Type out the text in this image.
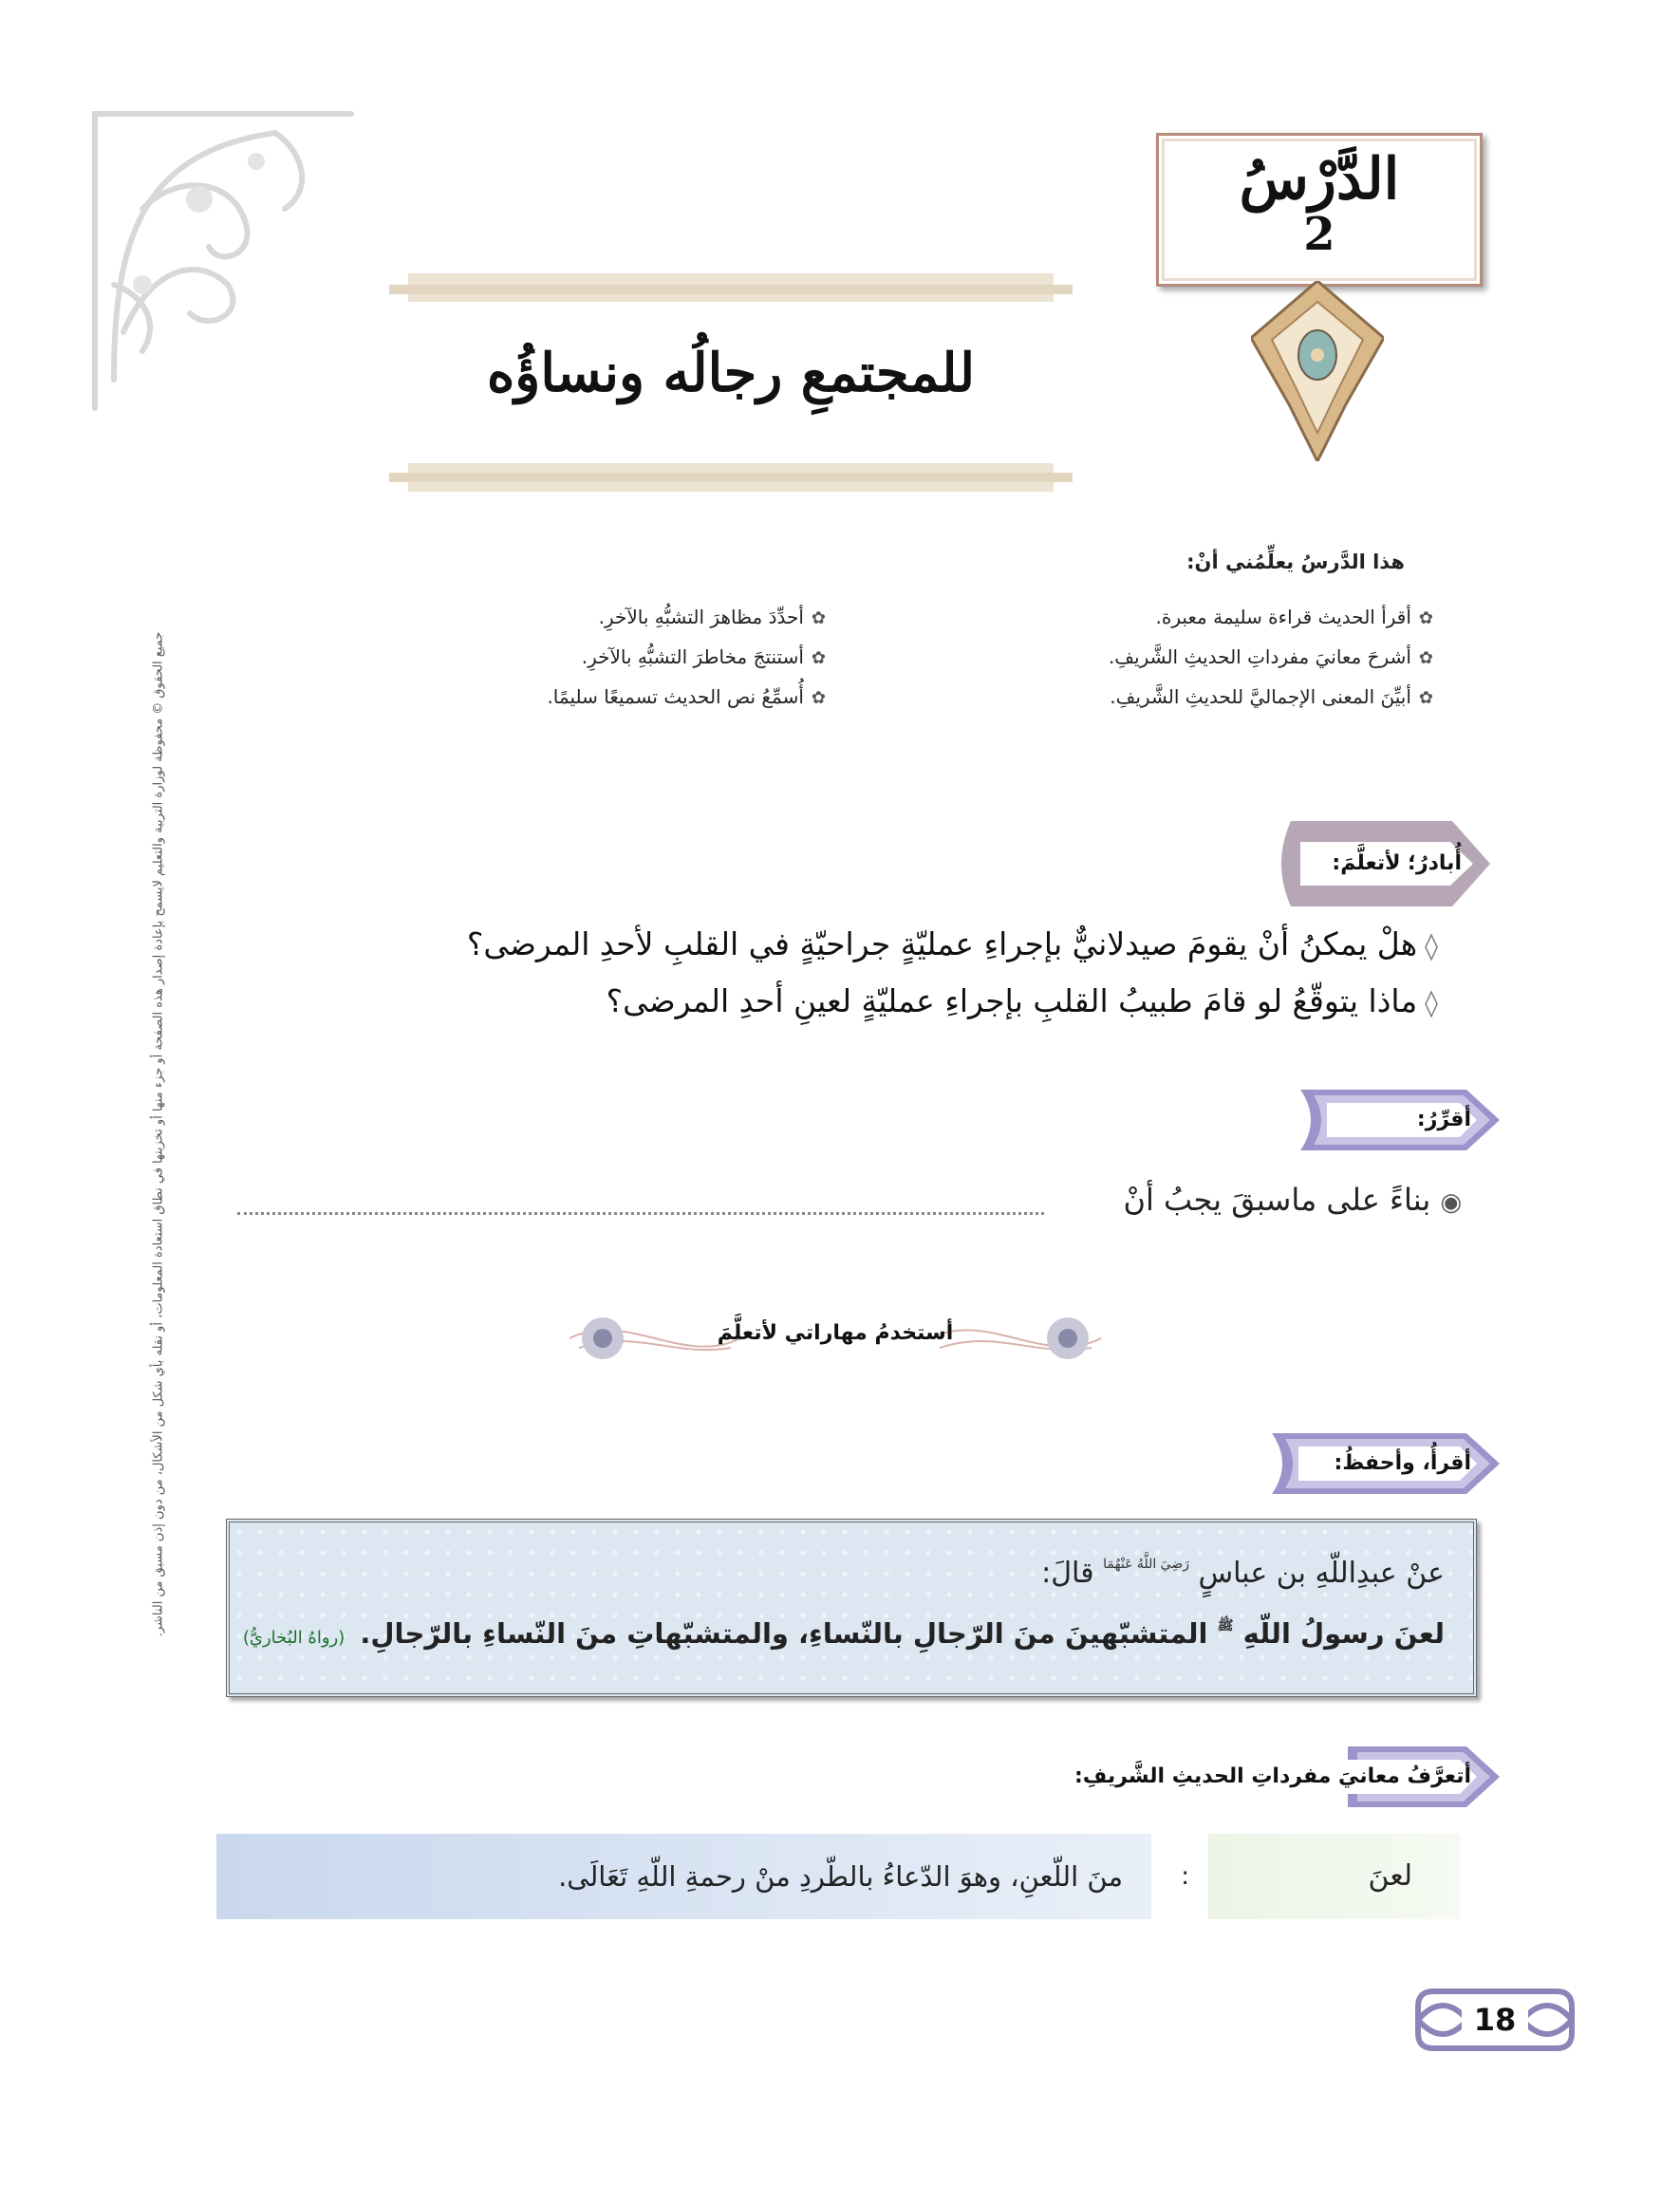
جميع الحقوق © محفوظة لوزارة التربية والتعليم لايسمح بإعادة إصدار هذه الصفحة أو جزء منها أو تخزينها في نطاق استعادة المعلومات، أو نقله بأي شكل من الأشكال، من دون إذن مسبق من الناشر.
الدَّرْسُ
2
للمجتمعِ رجالُه ونساؤُه
هذا الدَّرسُ يعلِّمُني أنْ:
✿أقرأ الحديث قراءة سليمة معبرة.
✿أشرحَ معانيَ مفرداتِ الحديثِ الشَّريفِ.
✿أبيِّنَ المعنى الإجماليَّ للحديثِ الشَّريفِ.
✿أحدِّدَ مظاهرَ التشبُّهِ بالآخرِ.
✿أستنتجَ مخاطرَ التشبُّهِ بالآخرِ.
✿أُسمِّعُ نص الحديث تسميعًا سليمًا.
أُبادرُ؛ لأتعلَّمَ:
◊هلْ يمكنُ أنْ يقومَ صيدلانيٌّ بإجراءِ عمليّةٍ جراحيّةٍ في القلبِ لأحدِ المرضى؟
◊ماذا يتوقّعُ لو قامَ طبيبُ القلبِ بإجراءِ عمليّةٍ لعينِ أحدِ المرضى؟
أقرِّرُ:
◉بناءً على ماسبقَ يجبُ أنْ
أستخدمُ مهاراتي لأتعلَّمَ
أقرأُ، وأحفظُ:
عنْ عبدِاللّهِ بن عباسٍ $^{رَضِيَ اللَّهُ عَنْهُمَا}$ قالَ:
لعنَ رسولُ اللّهِ $^ﷺ$ المتشبّهينَ منَ الرّجالِ بالنّساءِ، والمتشبّهاتِ منَ النّساءِ بالرّجالِ. (رواهُ البُخاريُّ)
أتعرَّفُ معانيَ مفرداتِ الحديثِ الشَّريفِ:
لعنَ
:
منَ اللّعنِ، وهوَ الدّعاءُ بالطّردِ منْ رحمةِ اللّهِ تَعَالَى.
18
